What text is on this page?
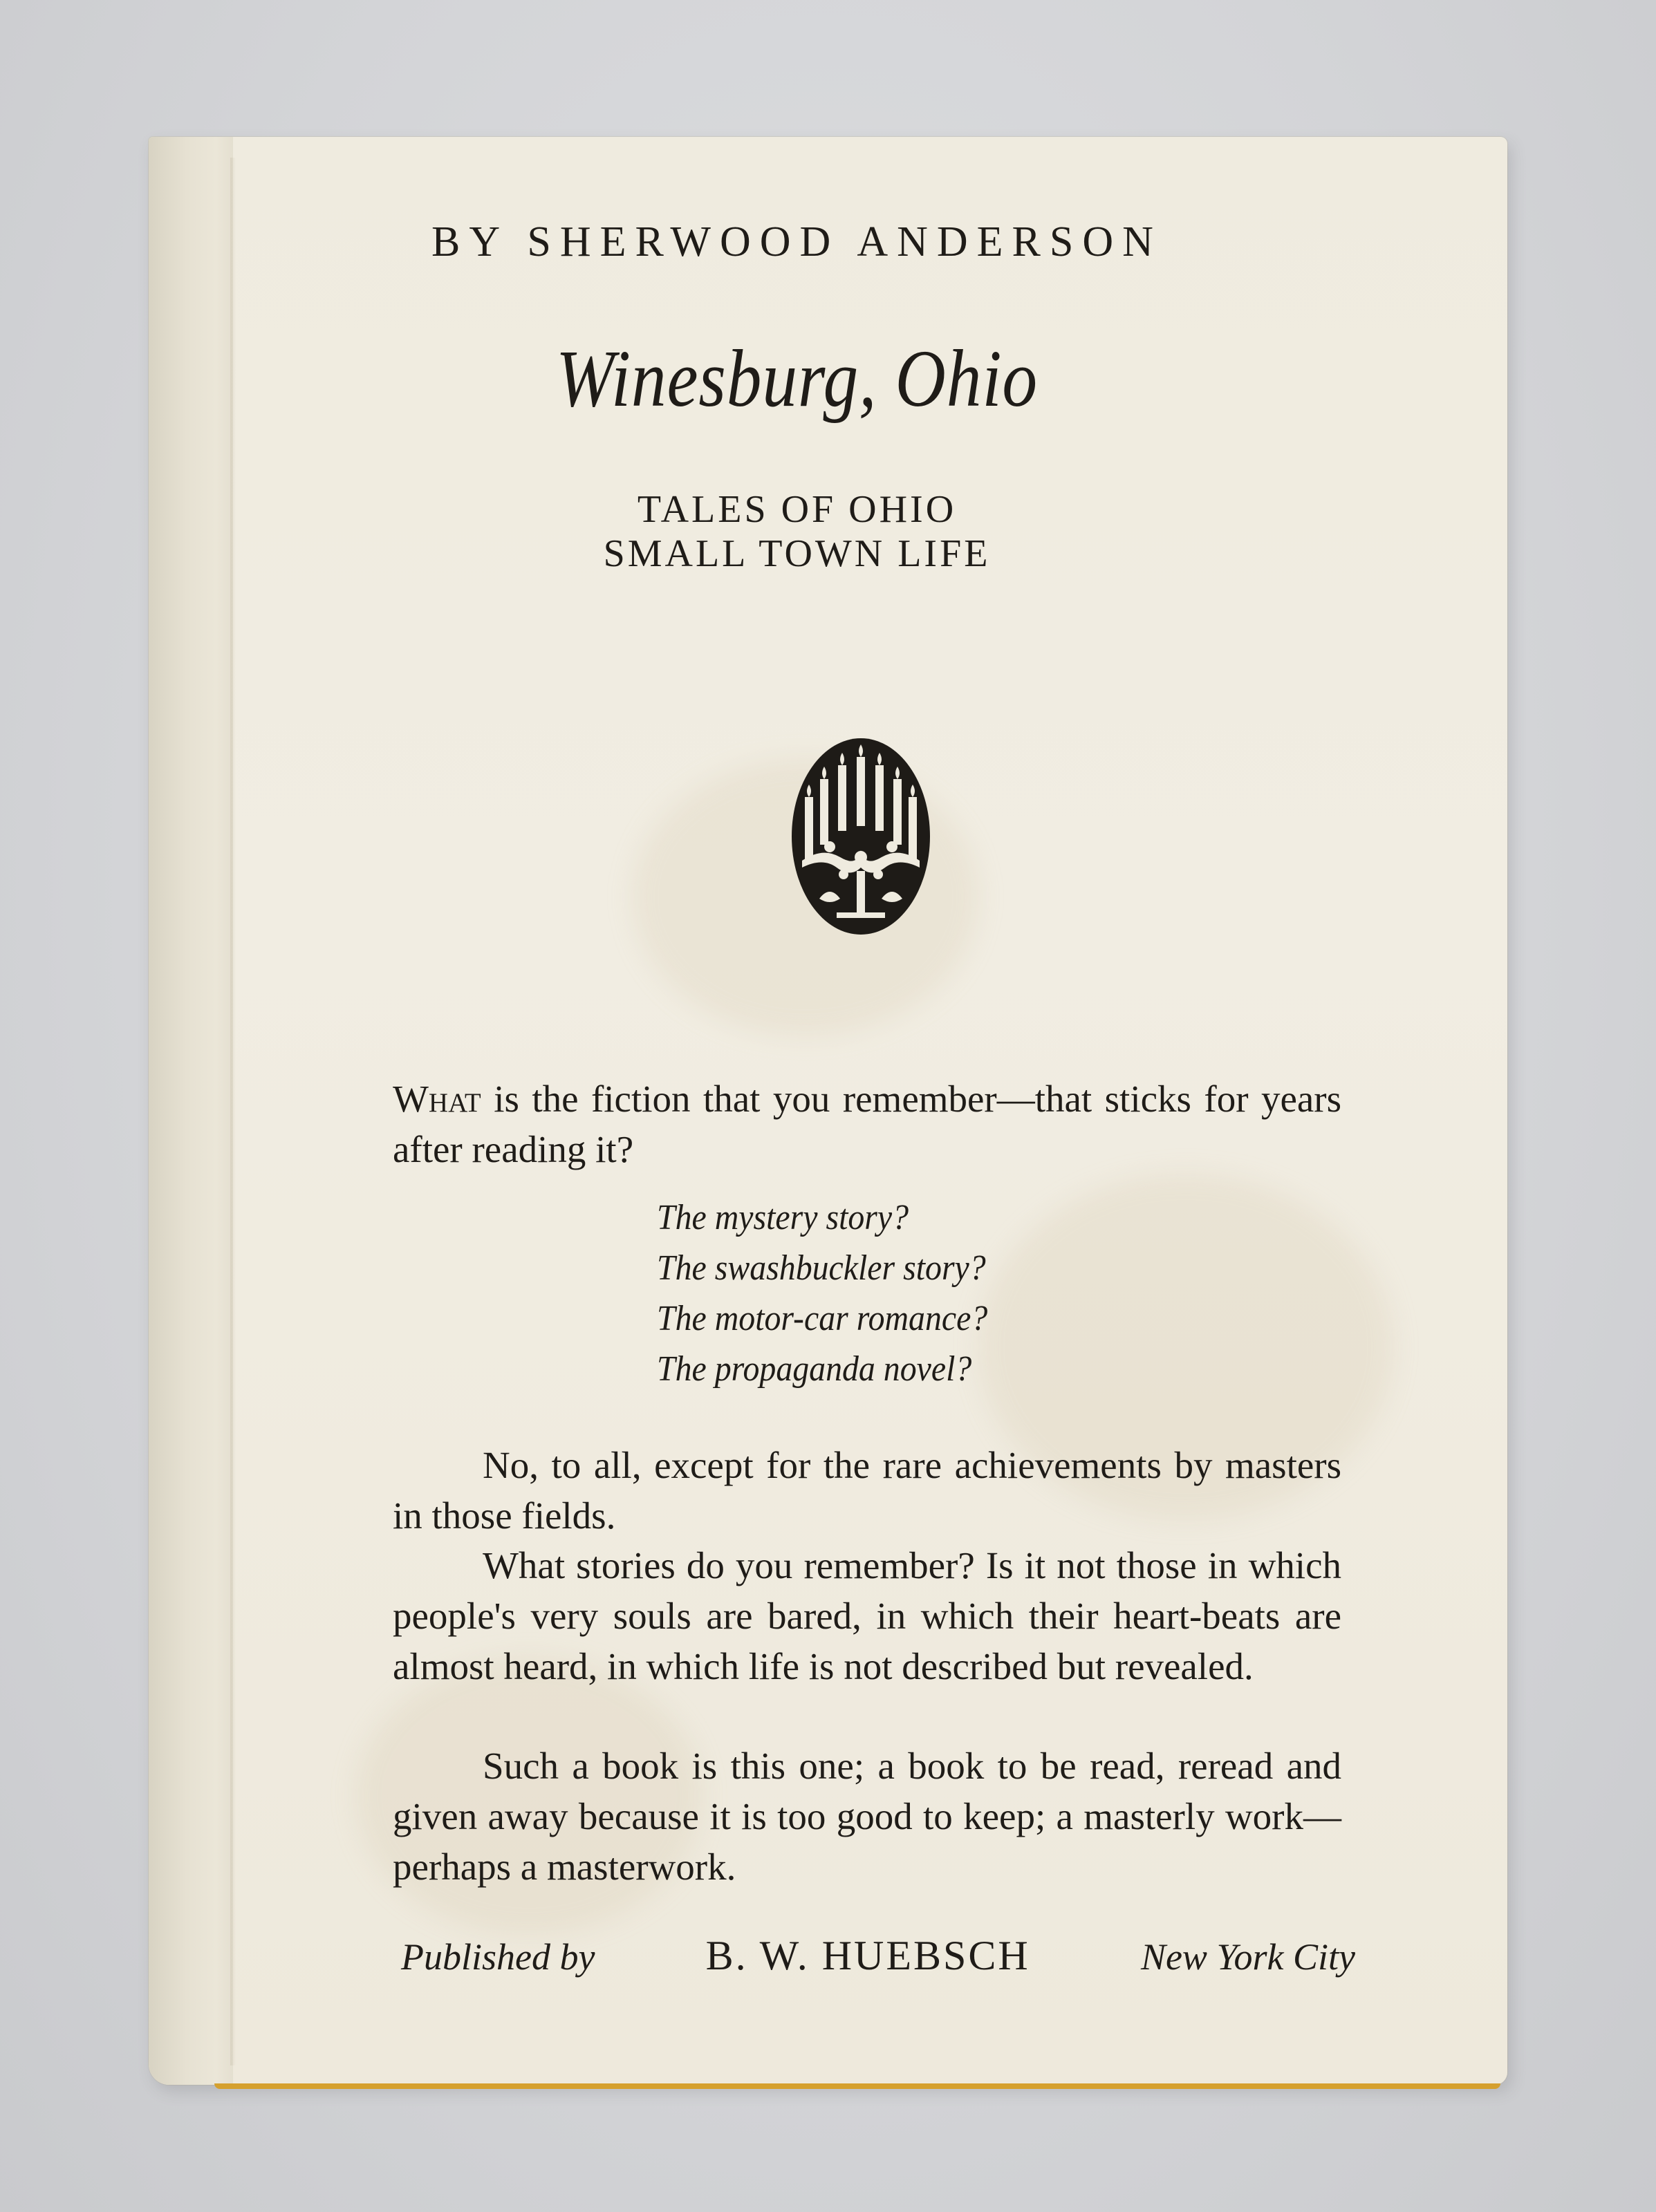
BY SHERWOOD ANDERSON
Winesburg, Ohio
TALES OF OHIO
SMALL TOWN LIFE
What is the fiction that you remember—that sticks for years after reading it?
The mystery story?
The swashbuckler story?
The motor-car romance?
The propaganda novel?
No, to all, except for the rare achievements by masters in those fields.
What stories do you remember? Is it not those in which people's very souls are bared, in which their heart-beats are almost heard, in which life is not described but revealed.
Such a book is this one; a book to be read, reread and given away because it is too good to keep; a masterly work—perhaps a masterwork.
Published by	B. W. HUEBSCH	New York City
